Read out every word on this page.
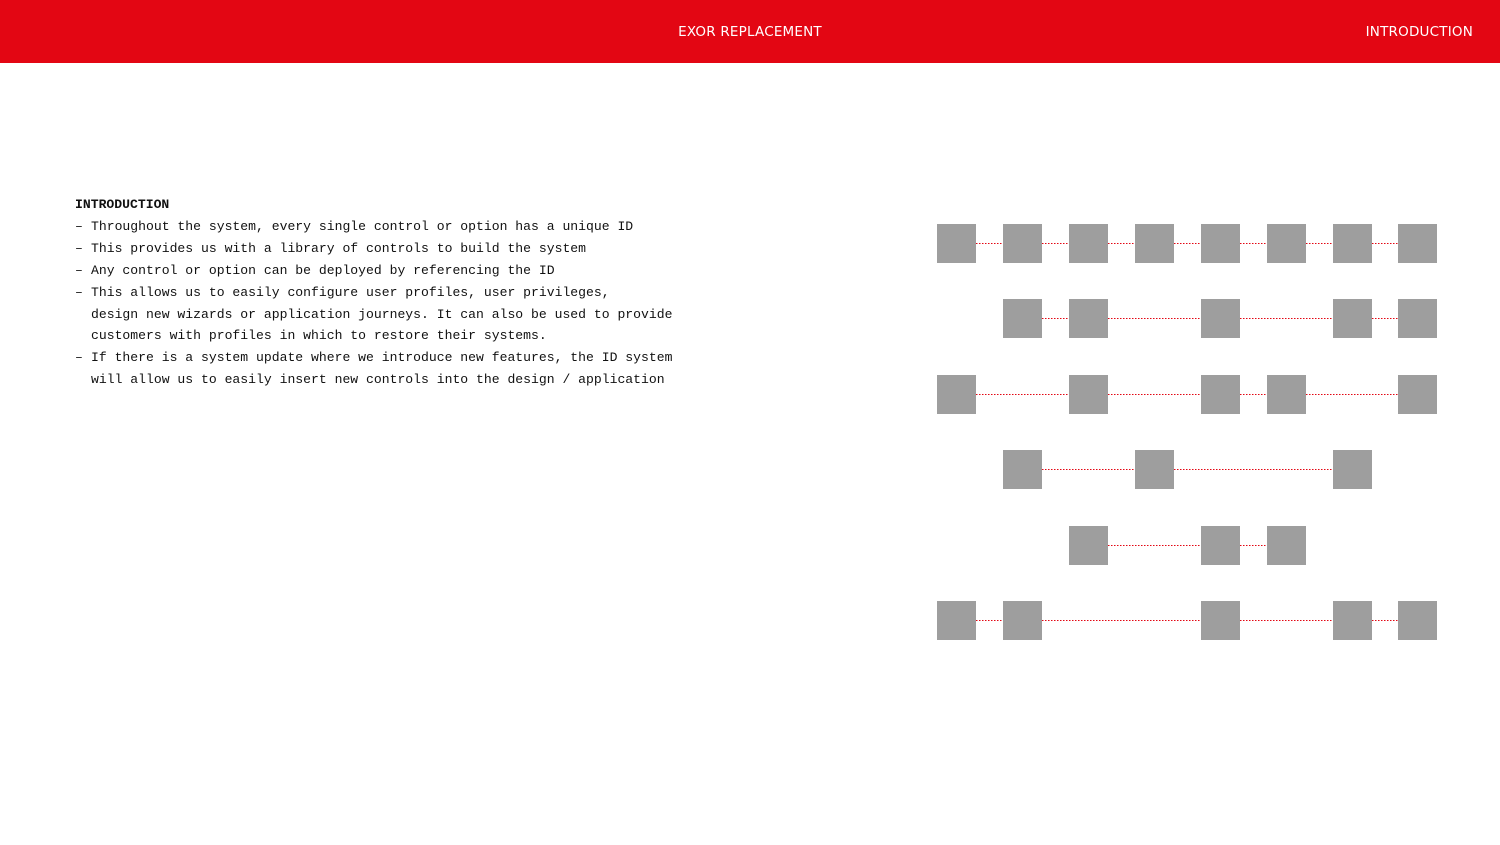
EXOR REPLACEMENT	INTRODUCTION
INTRODUCTION
– Throughout the system, every single control or option has a unique ID
– This provides us with a library of controls to build the system
– Any control or option can be deployed by referencing the ID
– This allows us to easily configure user profiles, user privileges,
design new wizards or application journeys. It can also be used to provide
customers with profiles in which to restore their systems.
– If there is a system update where we introduce new features, the ID system
will allow us to easily insert new controls into the design / application
